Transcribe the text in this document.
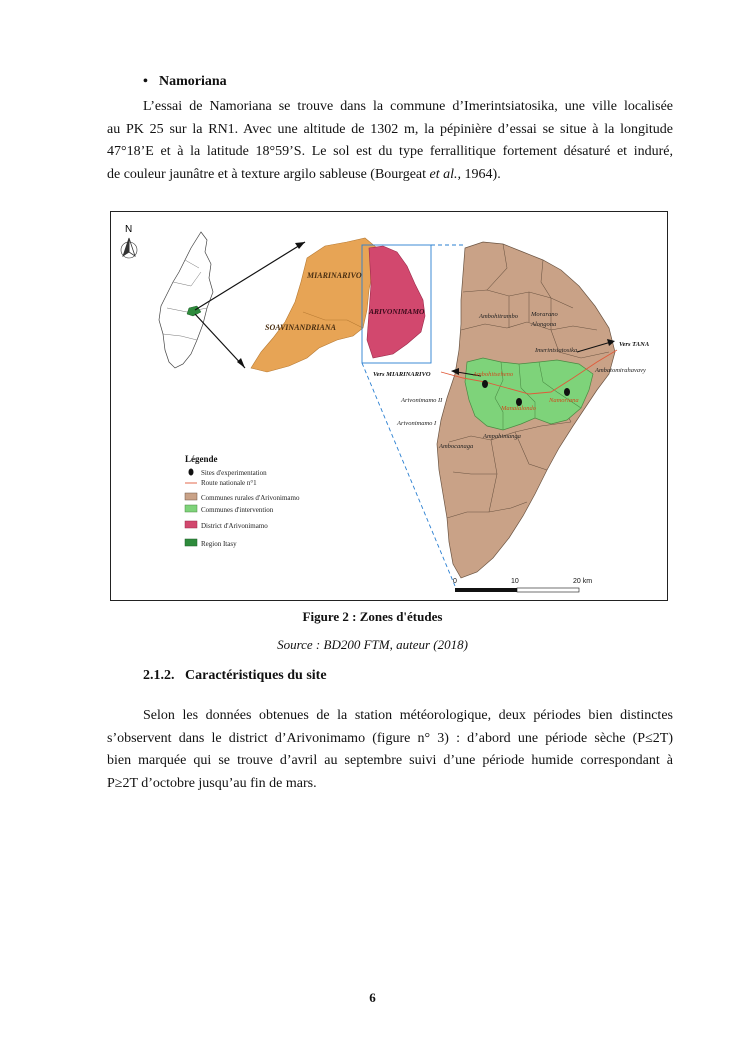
• Namoriana
L’essai de Namoriana se trouve dans la commune d’Imerintsiatosika, une ville localisée
au PK 25 sur la RN1. Avec une altitude de 1302 m, la pépinière d’essai se situe à la longitude
47°18’E et à la latitude 18°59’S. Le sol est du type ferrallitique fortement désaturé et induré,
de couleur jaunâtre et à texture argilo sableuse (Bourgeat et al., 1964).
N
MIARINARIVO
SOAVINANDRIANA
ARIVONIMAMO
Ambohitrambo Morarano
Alongona
Imerintsiatosika
Ambatomirahavavy
Arivonimamo II
Arivonimamo I
Ampahimanga
Ambocanaga
Ambohitseheno
Manalalondo
Namoriana
Vers TANA
Vers MIARINARIVO
Légende
Sites d'experimentation
Route nationale n°1
Communes rurales d'Arivonimamo
Communes d'intervention
District d'Arivonimamo
Region Itasy
0	10	20 km
Figure 2 : Zones d'études
Source : BD200 FTM, auteur (2018)
2.1.2. Caractéristiques du site
Selon les données obtenues de la station météorologique, deux périodes bien distinctes
s’observent dans le district d’Arivonimamo (figure n° 3) : d’abord une période sèche (P≤2T)
bien marquée qui se trouve d’avril au septembre suivi d’une période humide correspondant à
P≥2T d’octobre jusqu’au fin de mars.
6
